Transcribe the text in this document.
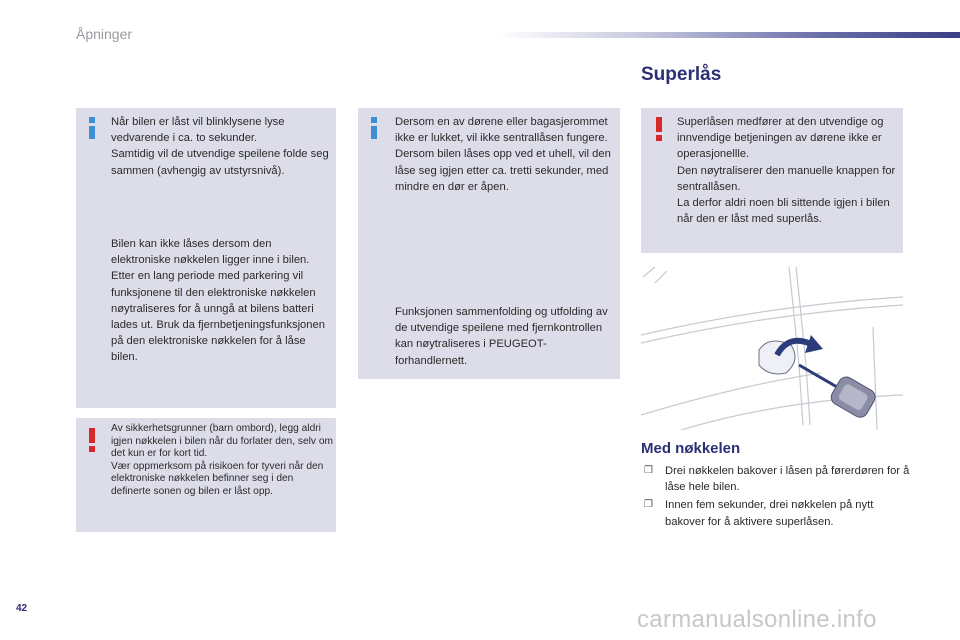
Åpninger

Når bilen er låst vil blinklysene lyse vedvarende i ca. to sekunder.

Samtidig vil de utvendige speilene folde seg sammen (avhengig av utstyrsnivå).

Bilen kan ikke låses dersom den elektroniske nøkkelen ligger inne i bilen.

Etter en lang periode med parkering vil funksjonene til den elektroniske nøkkelen nøytraliseres for å unngå at bilens batteri lades ut. Bruk da fjernbetjeningsfunksjonen på den elektroniske nøkkelen for å låse bilen.

Av sikkerhetsgrunner (barn ombord), legg aldri igjen nøkkelen i bilen når du forlater den, selv om det kun er for kort tid.

Vær oppmerksom på risikoen for tyveri når den elektroniske nøkkelen befinner seg i den definerte sonen og bilen er låst opp.

Dersom en av dørene eller bagasjerommet ikke er lukket, vil ikke sentrallåsen fungere.

Dersom bilen låses opp ved et uhell, vil den låse seg igjen etter ca. tretti sekunder, med mindre en dør er åpen.

Funksjonen sammenfolding og utfolding av de utvendige speilene med fjernkontrollen kan nøytraliseres i PEUGEOT-forhandlernett.

Superlås

Superlåsen medfører at den utvendige og innvendige betjeningen av dørene ikke er operasjonellle.

Den nøytraliserer den manuelle knappen for sentrallåsen.

La derfor aldri noen bli sittende igjen i bilen når den er låst med superlås.

Med nøkkelen
❒ Drei nøkkelen bakover i låsen på førerdøren for å låse hele bilen.
❒ Innen fem sekunder, drei nøkkelen på nytt bakover for å aktivere superlåsen.
42	carmanualsonline.info
